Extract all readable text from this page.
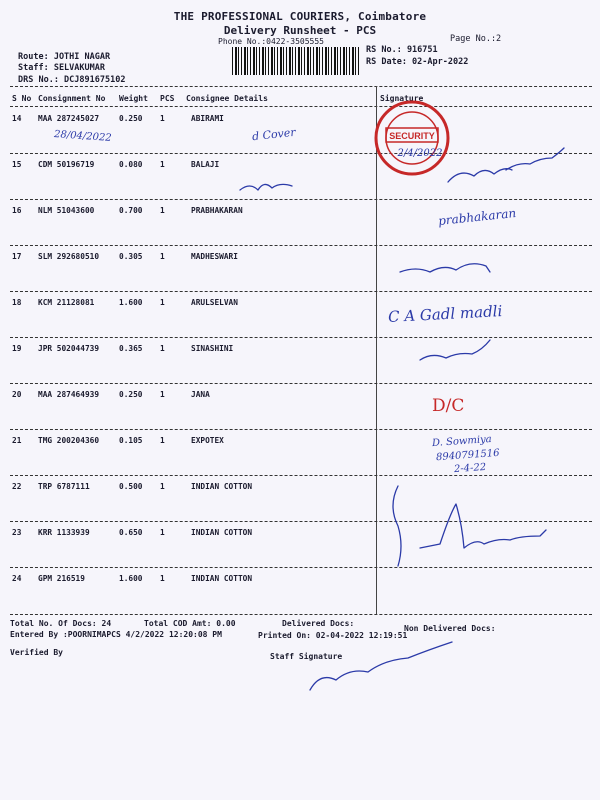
THE PROFESSIONAL COURIERS, Coimbatore
Delivery Runsheet - PCS
Phone No.:0422-3505555	Page No.:2
Route: JOTHI NAGAR
Staff: SELVAKUMAR
DRS No.: DCJ891675102
RS No.: 916751
RS Date: 02-Apr-2022
S No Consignment No Weight PCS Consignee Details	Signature
14 MAA 287245027	0.250 1	ABIRAMI
15 CDM 50196719	0.080 1	BALAJI
16 NLM 51043600	0.700 1	PRABHAKARAN
17 SLM 292680510	0.305 1	MADHESWARI
18 KCM 21128081	1.600 1	ARULSELVAN
19 JPR 502044739	0.365 1	SINASHINI
20 MAA 287464939	0.250 1	JANA
21 TMG 200204360	0.105 1	EXPOTEX
22 TRP 6787111	0.500 1	INDIAN COTTON
23 KRR 1133939	0.650 1	INDIAN COTTON
24 GPM 216519	1.600 1	INDIAN COTTON
28/04/2022	d Cover
prabhakaran
C A Gadl madli
D/C
D. Sowmiya
8940791516
2-4-22
SECURITY
2/4/2022
Total No. Of Docs: 24	Total COD Amt: 0.00	Delivered Docs:
Non Delivered Docs:
Entered By :POORNIMAPCS 4/2/2022 12:20:08 PM	Printed On: 02-04-2022 12:19:51
Verified By	Staff Signature
